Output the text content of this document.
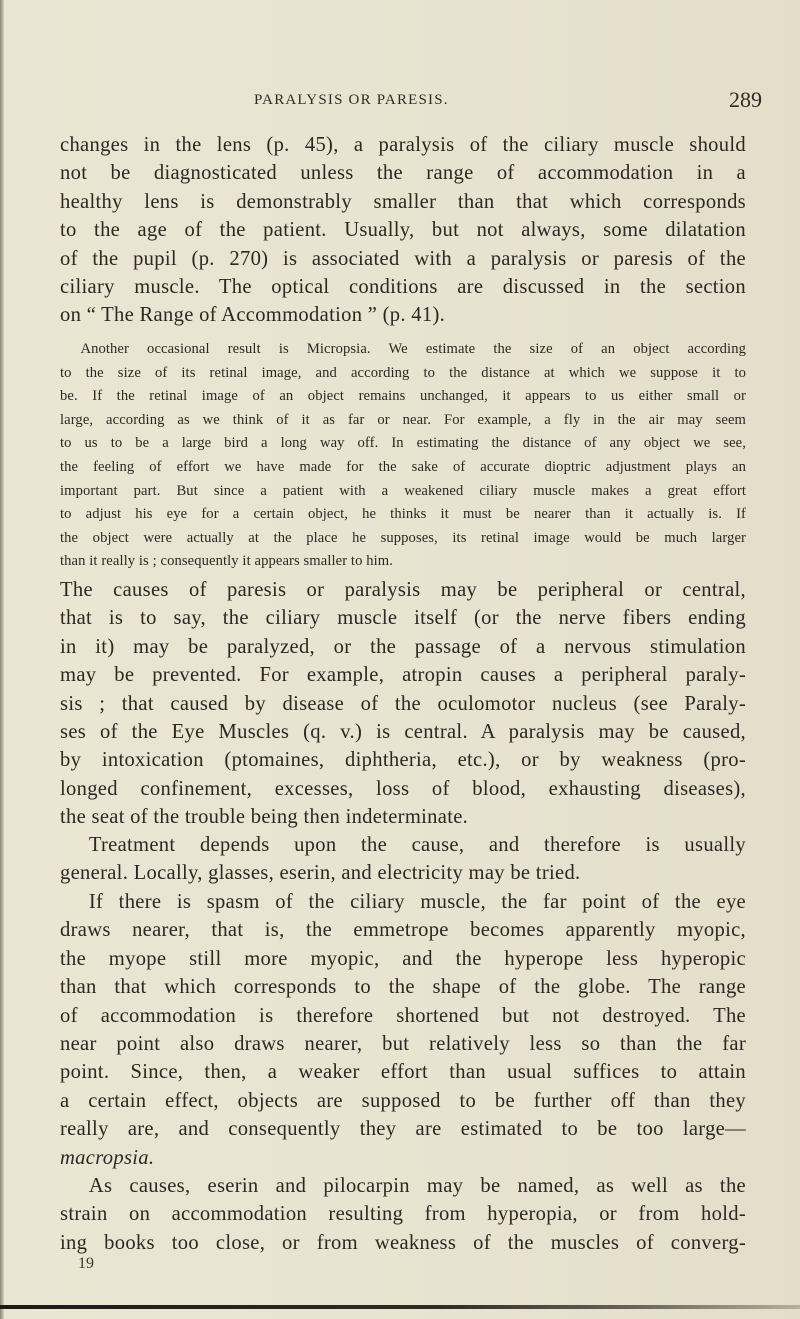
PARALYSIS OR PARESIS.	289
changes in the lens (p. 45), a paralysis of the ciliary muscle should
not be diagnosticated unless the range of accommodation in a
healthy lens is demonstrably smaller than that which corresponds
to the age of the patient. Usually, but not always, some dilatation
of the pupil (p. 270) is associated with a paralysis or paresis of the
ciliary muscle. The optical conditions are discussed in the section
on “ The Range of Accommodation ” (p. 41).
Another occasional result is Micropsia. We estimate the size of an object according
to the size of its retinal image, and according to the distance at which we suppose it to
be. If the retinal image of an object remains unchanged, it appears to us either small or
large, according as we think of it as far or near. For example, a fly in the air may seem
to us to be a large bird a long way off. In estimating the distance of any object we see,
the feeling of effort we have made for the sake of accurate dioptric adjustment plays an
important part. But since a patient with a weakened ciliary muscle makes a great effort
to adjust his eye for a certain object, he thinks it must be nearer than it actually is. If
the object were actually at the place he supposes, its retinal image would be much larger
than it really is ; consequently it appears smaller to him.
The causes of paresis or paralysis may be peripheral or central,
that is to say, the ciliary muscle itself (or the nerve fibers ending
in it) may be paralyzed, or the passage of a nervous stimulation
may be prevented. For example, atropin causes a peripheral paraly-
sis ; that caused by disease of the oculomotor nucleus (see Paraly-
ses of the Eye Muscles (q. v.) is central. A paralysis may be caused,
by intoxication (ptomaines, diphtheria, etc.), or by weakness (pro-
longed confinement, excesses, loss of blood, exhausting diseases),
the seat of the trouble being then indeterminate.
Treatment depends upon the cause, and therefore is usually
general. Locally, glasses, eserin, and electricity may be tried.
If there is spasm of the ciliary muscle, the far point of the eye
draws nearer, that is, the emmetrope becomes apparently myopic,
the myope still more myopic, and the hyperope less hyperopic
than that which corresponds to the shape of the globe. The range
of accommodation is therefore shortened but not destroyed. The
near point also draws nearer, but relatively less so than the far
point. Since, then, a weaker effort than usual suffices to attain
a certain effect, objects are supposed to be further off than they
really are, and consequently they are estimated to be too large—
macropsia.
As causes, eserin and pilocarpin may be named, as well as the
strain on accommodation resulting from hyperopia, or from hold-
ing books too close, or from weakness of the muscles of converg-
19
